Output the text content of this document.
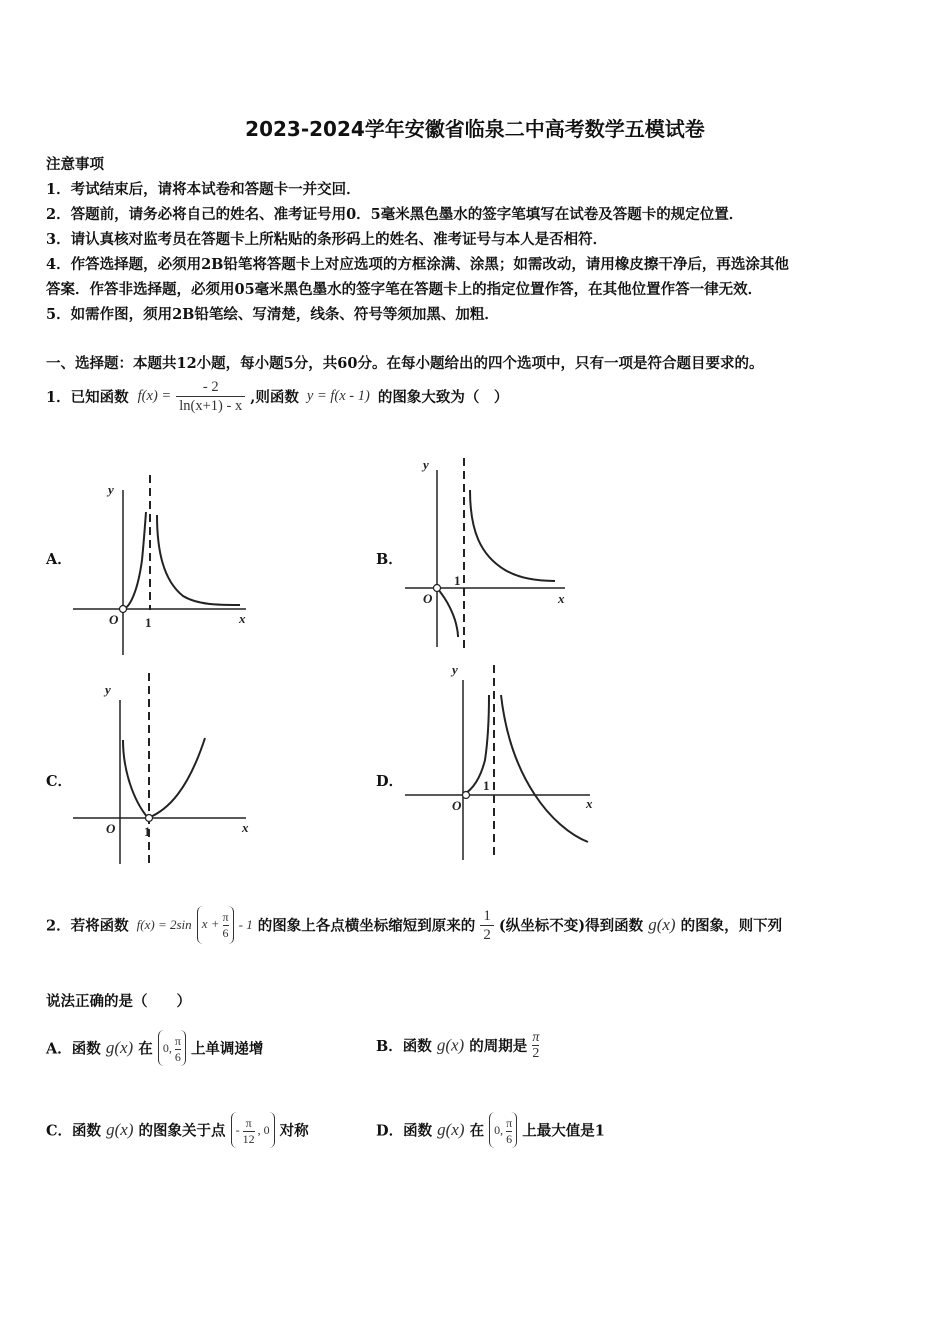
2023-2024学年安徽省临泉二中高考数学五模试卷
注意事项
1．考试结束后，请将本试卷和答题卡一并交回．
2．答题前，请务必将自己的姓名、准考证号用0．5毫米黑色墨水的签字笔填写在试卷及答题卡的规定位置．
3．请认真核对监考员在答题卡上所粘贴的条形码上的姓名、准考证号与本人是否相符．
4．作答选择题，必须用2B铅笔将答题卡上对应选项的方框涂满、涂黑；如需改动，请用橡皮擦干净后，再选涂其他
答案．作答非选择题，必须用05毫米黑色墨水的签字笔在答题卡上的指定位置作答，在其他位置作答一律无效．
5．如需作图，须用2B铅笔绘、写清楚，线条、符号等须加黑、加粗．
一、选择题：本题共12小题，每小题5分，共60分。在每小题给出的四个选项中，只有一项是符合题目要求的。
1．已知函数 $f(x) = \frac{- 2}{\ln(x+1) - x}$ ,则函数 y = f(x - 1) 的图象大致为（　）
A．	B．
C．	D．
y
O 1	x
y
O
1
x
y
O 1	x
y
O
1
x
2．若将函数 f(x) = 2sin $x + \frac{\pi}{6} - 1$ 的图象上各点横坐标缩短到原来的 $\frac{1}{2}$ (纵坐标不变)得到函数 g(x) 的图象，则下列
说法正确的是（　　）
A．函数 g(x) 在 0, $\frac{\pi}{6}$ 上单调递增	B．函数 g(x) 的周期是 $\frac{\pi}{2}$
C．函数 g(x) 的图象关于点 - $\frac{\pi}{12}$ , 0 对称	D．函数 g(x) 在 0, $\frac{\pi}{6}$ 上最大值是1
